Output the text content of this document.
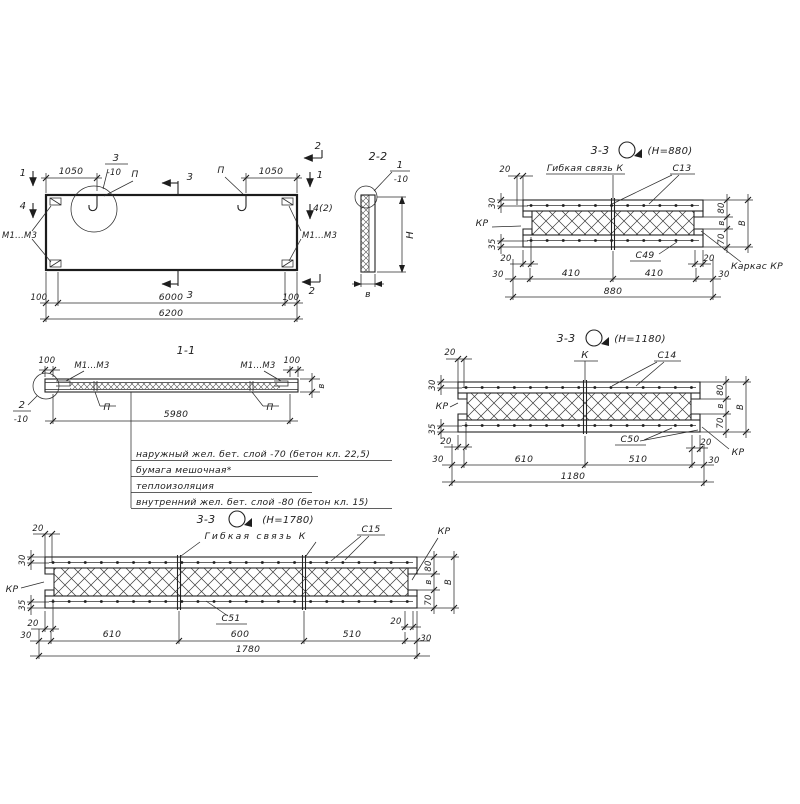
3
-10 П	П
1050	1050
3
3
2
2
1
4
1
4(2)
М1...М3	М1...М3
100	6000	100
6200
2-2
1
-10
Н
в
1-1
2
-10
М1...М3	М1...М3
100	100
П	П
5980
в
наружный жел. бет. слой -70 (бетон кл. 22,5)
бумага мешочная*
теплоизоляция
внутренний жел. бет. слой -80 (бетон кл. 15)
3-3	(Н=880)
Гибкая связь К	С13
КР
Каркас КР
С49
20
30
35
20
30	410	410	30
20
880
80
в
70
В
3-3	(Н=1180)
К	С14
КР
С50
КР
20
30
35
20
30	610	510	30
20
1180
80
в
70
В
3-3	(Н=1780)
Гибкая связь К
С15	КР
КР
С51
20
30
35
20
30	610	600	510	30
20
1780
80
в
70
В
